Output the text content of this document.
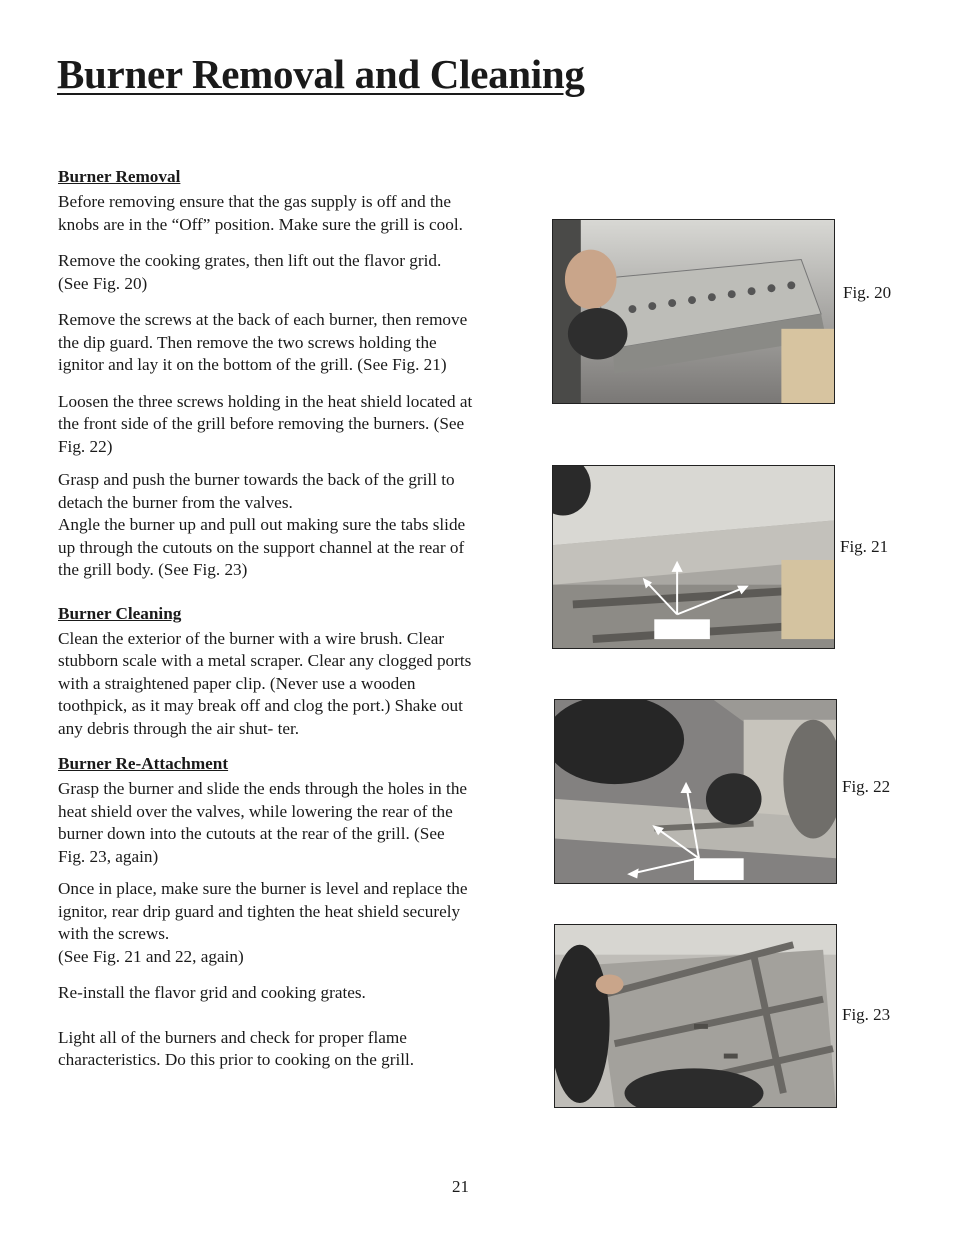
Burner Removal and Cleaning
Burner Removal

Before removing ensure that the gas supply is off and the knobs are in the “Off” position. Make sure the grill is cool.

Remove the cooking grates, then lift out the flavor grid. (See Fig. 20)

Remove the screws at the back of each burner, then remove the dip guard. Then remove the two screws holding the ignitor and lay it on the bottom of the grill. (See Fig. 21)

Loosen the three screws holding in the heat shield located at the front side of the grill before removing the burners. (See Fig. 22)

Grasp and push the burner towards the back of the grill to detach the burner from the valves.

Angle the burner up and pull out making sure the tabs slide up through the cutouts on the support channel at the rear of the grill body. (See Fig. 23)

Burner Cleaning

Clean the exterior of the burner with a wire brush. Clear stubborn scale with a metal scraper. Clear any clogged ports with a straightened paper clip. (Never use a wooden toothpick, as it may break off and clog the port.) Shake out any debris through the air shut- ter.

Burner Re-Attachment

Grasp the burner and slide the ends through the holes in the heat shield over the valves, while lowering the rear of the burner down into the cutouts at the rear of the grill. (See Fig. 23, again)

Once in place, make sure the burner is level and replace the ignitor, rear drip guard and tighten the heat shield securely with the screws.

(See Fig. 21 and 22, again)

Re-install the flavor grid and cooking grates.

Light all of the burners and check for proper flame characteristics. Do this prior to cooking on the grill.

Fig. 20
Fig. 21
Fig. 22
Fig. 23
21
